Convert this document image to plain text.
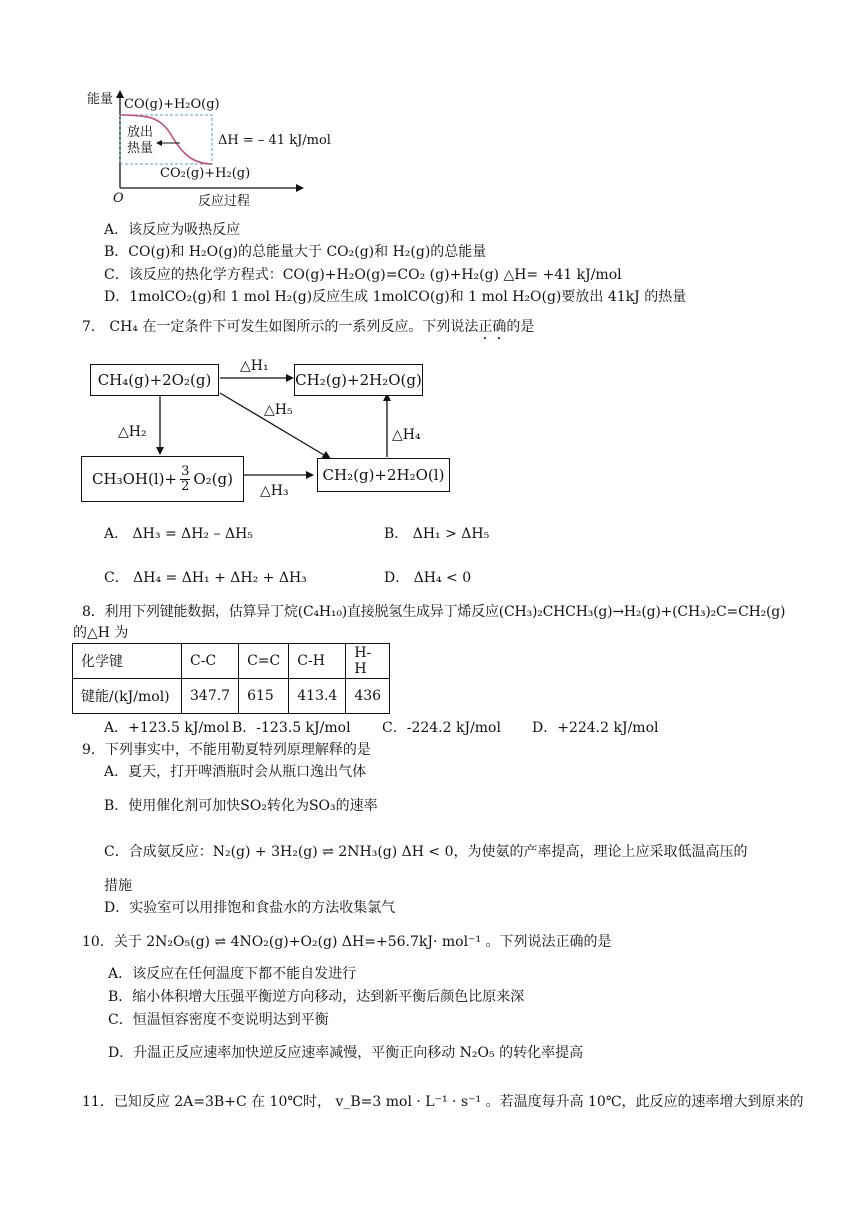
能量 CO(g)+H₂O(g)
放出
热量
ΔH = – 41 kJ/mol
CO₂(g)+H₂(g)
O	反应过程
A．该反应为吸热反应
B．CO(g)和 H₂O(g)的总能量大于 CO₂(g)和 H₂(g)的总能量
C．该反应的热化学方程式：CO(g)+H₂O(g)=CO₂ (g)+H₂(g) △H= +41 kJ/mol
D．1molCO₂(g)和 1 mol H₂(g)反应生成 1molCO(g)和 1 mol H₂O(g)要放出 41kJ 的热量
7． CH₄ 在一定条件下可发生如图所示的一系列反应。下列说法正确的是
CH₄(g)+2O₂(g)	CH₂(g)+2H₂O(g)
$CH_3OH(l)+ \frac{3}{2} O_2(g)$	CH₂(g)+2H₂O(l)
△H₁
△H₂
△H₅
△H₄
△H₃
A． ΔH₃ = ΔH₂ – ΔH₅	B． ΔH₁ > ΔH₅
C． ΔH₄ = ΔH₁ + ΔH₂ + ΔH₃	D． ΔH₄ < 0
8．利用下列键能数据，估算异丁烷(C₄H₁₀)直接脱氢生成异丁烯反应(CH₃)₂CHCH₃(g)→H₂(g)+(CH₃)₂C=CH₂(g)
的△H 为
化学键	C-C	C=C	C-H	H-H
键能/(kJ/mol)	347.7	615	413.4	436
A．+123.5 kJ/mol B．-123.5 kJ/mol C．-224.2 kJ/mol D．+224.2 kJ/mol
9．下列事实中，不能用勒夏特列原理解释的是
A．夏天，打开啤酒瓶时会从瓶口逸出气体
B．使用催化剂可加快SO₂转化为SO₃的速率
C．合成氨反应：N₂(g) + 3H₂(g) ⇌ 2NH₃(g) ΔH < 0，为使氨的产率提高，理论上应采取低温高压的
措施
D．实验室可以用排饱和食盐水的方法收集氯气
10．关于 2N₂O₅(g) ⇌ 4NO₂(g)+O₂(g) ΔH=+56.7kJ· mol⁻¹ 。下列说法正确的是
A．该反应在任何温度下都不能自发进行
B．缩小体积增大压强平衡逆方向移动，达到新平衡后颜色比原来深
C．恒温恒容密度不变说明达到平衡
D．升温正反应速率加快逆反应速率减慢，平衡正向移动 N₂O₅ 的转化率提高
11．已知反应 2A=3B+C 在 10℃时， v_B=3 mol · L⁻¹ · s⁻¹ 。若温度每升高 10℃，此反应的速率增大到原来的
